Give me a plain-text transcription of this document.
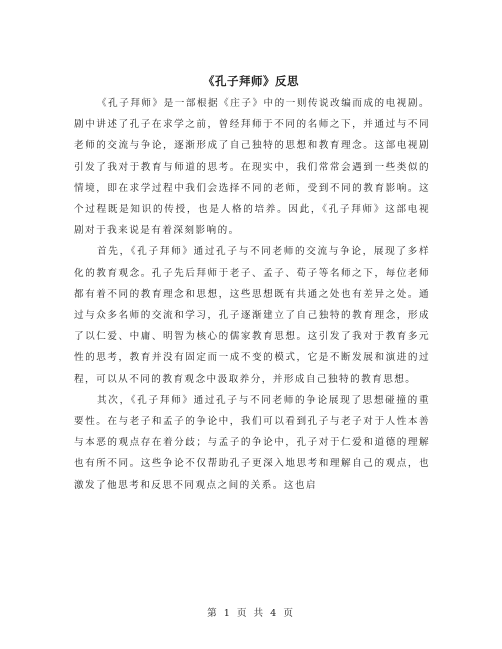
《孔子拜师》反思

《孔子拜师》是一部根据《庄子》中的一则传说改编而成的电视剧。剧中讲述了孔子在求学之前，曾经拜师于不同的名师之下，并通过与不同老师的交流与争论，逐渐形成了自己独特的思想和教育理念。这部电视剧引发了我对于教育与师道的思考。在现实中，我们常常会遇到一些类似的情境，即在求学过程中我们会选择不同的老师，受到不同的教育影响。这个过程既是知识的传授，也是人格的培养。因此，《孔子拜师》这部电视剧对于我来说是有着深刻影响的。

首先，《孔子拜师》通过孔子与不同老师的交流与争论，展现了多样化的教育观念。孔子先后拜师于老子、孟子、荀子等名师之下，每位老师都有着不同的教育理念和思想，这些思想既有共通之处也有差异之处。通过与众多名师的交流和学习，孔子逐渐建立了自己独特的教育理念，形成了以仁爱、中庸、明智为核心的儒家教育思想。这引发了我对于教育多元性的思考，教育并没有固定而一成不变的模式，它是不断发展和演进的过程，可以从不同的教育观念中汲取养分，并形成自己独特的教育思想。

其次，《孔子拜师》通过孔子与不同老师的争论展现了思想碰撞的重要性。在与老子和孟子的争论中，我们可以看到孔子与老子对于人性本善与本恶的观点存在着分歧；与孟子的争论中，孔子对于仁爱和道德的理解也有所不同。这些争论不仅帮助孔子更深入地思考和理解自己的观点，也激发了他思考和反思不同观点之间的关系。这也启

第 1 页 共 4 页
